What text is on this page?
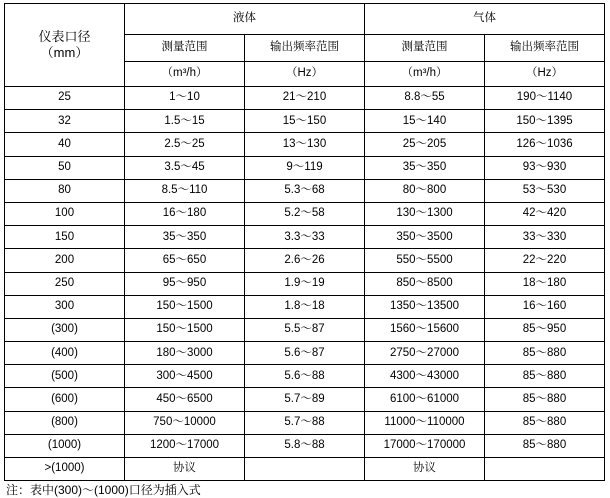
仪表口径
（mm）	液体		气体	
	测量范围	输出频率范围	测量范围	输出频率范围
	（m³/h）	（Hz）	（m³/h）	（Hz）
25	1～10	21～210	8.8～55	190～1140
32	1.5～15	15～150	15～140	150～1395
40	2.5～25	13～130	25～205	126～1036
50	3.5～45	9～119	35～350	93～930
80	8.5～110	5.3～68	80～800	53～530
100	16～180	5.2～58	130～1300	42～420
150	35～350	3.3～33	350～3500	33～330
200	65～650	2.6～26	550～5500	22～220
250	95～950	1.9～19	850～8500	18～180
300	150～1500	1.8～18	1350～13500	16～160
(300)	150～1500	5.5～87	1560～15600	85～950
(400)	180～3000	5.6～87	2750～27000	85～880
(500)	300～4500	5.6～88	4300～43000	85～880
(600)	450～6500	5.7～89	6100～61000	85～880
(800)	750～10000	5.7～88	11000～110000	85～880
(1000)	1200～17000	5.8～88	17000～170000	85～880
>(1000)	协议		协议	
注：表中(300)～(1000)口径为插入式
